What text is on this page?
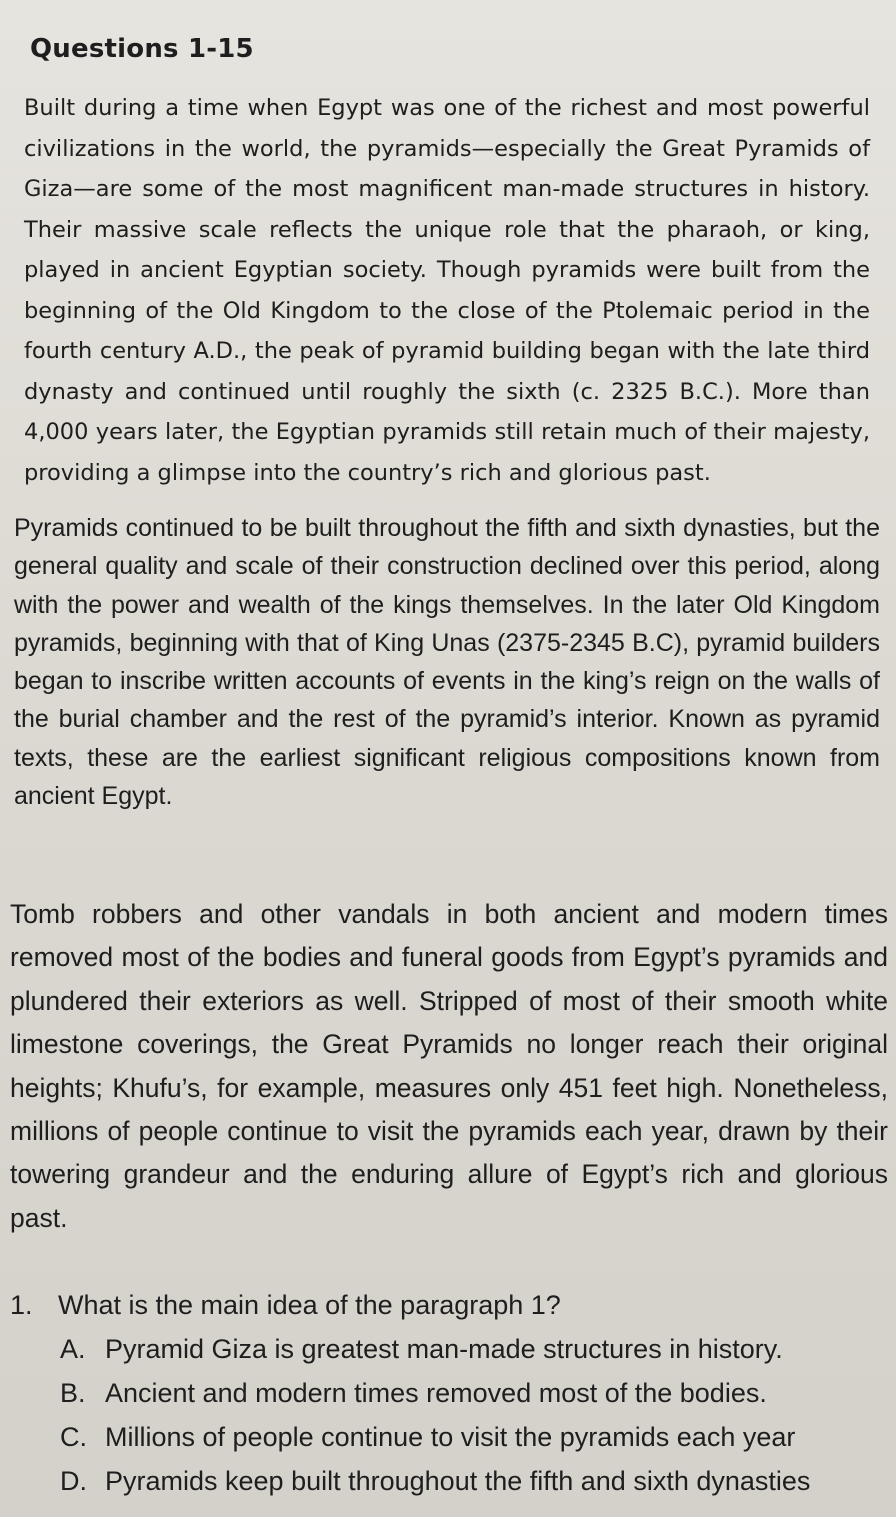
Questions 1-15

Built during a time when Egypt was one of the richest and most powerful civilizations in the world, the pyramids—especially the Great Pyramids of Giza—are some of the most magnificent man-made structures in history. Their massive scale reflects the unique role that the pharaoh, or king, played in ancient Egyptian society. Though pyramids were built from the beginning of the Old Kingdom to the close of the Ptolemaic period in the fourth century A.D., the peak of pyramid building began with the late third dynasty and continued until roughly the sixth (c. 2325 B.C.). More than 4,000 years later, the Egyptian pyramids still retain much of their majesty, providing a glimpse into the country’s rich and glorious past.

Pyramids continued to be built throughout the fifth and sixth dynasties, but the general quality and scale of their construction declined over this period, along with the power and wealth of the kings themselves. In the later Old Kingdom pyramids, beginning with that of King Unas (2375-2345 B.C), pyramid builders began to inscribe written accounts of events in the king’s reign on the walls of the burial chamber and the rest of the pyramid’s interior. Known as pyramid texts, these are the earliest significant religious compositions known from ancient Egypt.

Tomb robbers and other vandals in both ancient and modern times removed most of the bodies and funeral goods from Egypt’s pyramids and plundered their exteriors as well. Stripped of most of their smooth white limestone coverings, the Great Pyramids no longer reach their original heights; Khufu’s, for example, measures only 451 feet high. Nonetheless, millions of people continue to visit the pyramids each year, drawn by their towering grandeur and the enduring allure of Egypt’s rich and glorious past.

1. What is the main idea of the paragraph 1?
A. Pyramid Giza is greatest man-made structures in history.
B. Ancient and modern times removed most of the bodies.
C. Millions of people continue to visit the pyramids each year
D. Pyramids keep built throughout the fifth and sixth dynasties
